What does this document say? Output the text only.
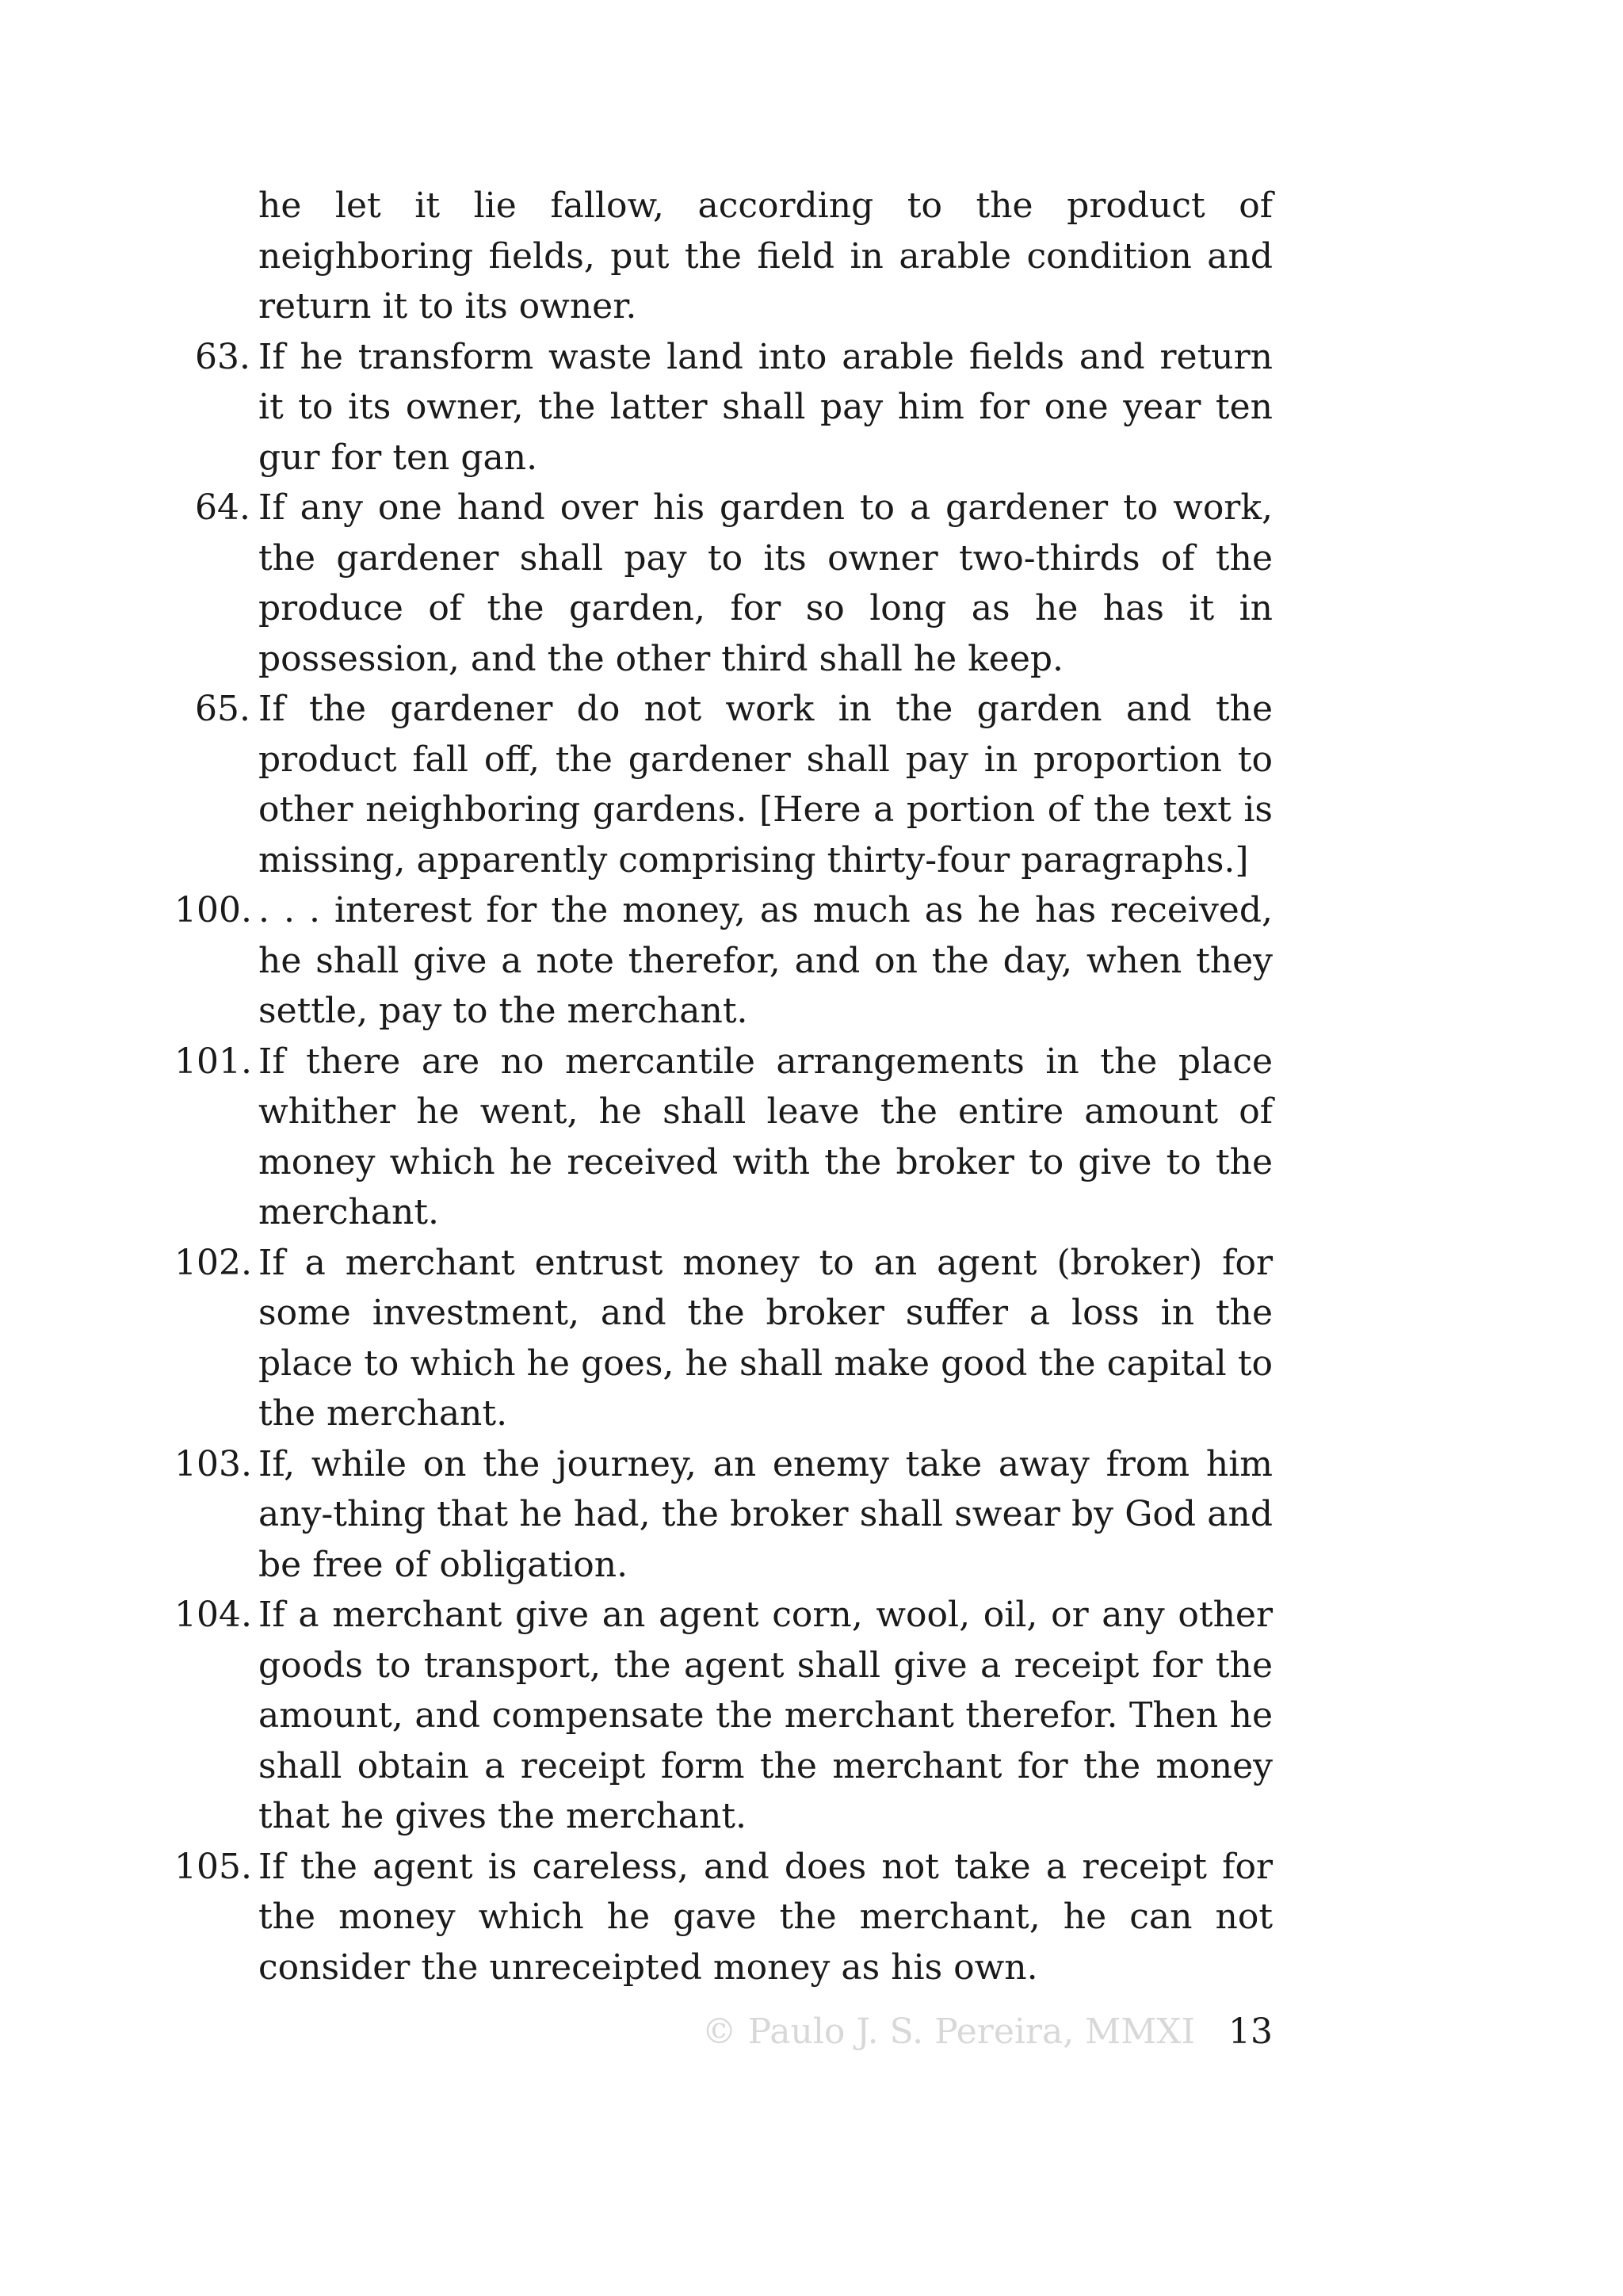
he let it lie fallow, according to the product of neighboring fields, put the field in arable condition and return it to its owner.

63. If he transform waste land into arable fields and return it to its owner, the latter shall pay him for one year ten gur for ten gan.
64. If any one hand over his garden to a gardener to work, the gardener shall pay to its owner two-thirds of the produce of the garden, for so long as he has it in possession, and the other third shall he keep.
65. If the gardener do not work in the garden and the product fall off, the gardener shall pay in proportion to other neighboring gardens. [Here a portion of the text is missing, apparently comprising thirty-four paragraphs.]
100. . . . interest for the money, as much as he has received, he shall give a note therefor, and on the day, when they settle, pay to the merchant.
101. If there are no mercantile arrangements in the place whither he went, he shall leave the entire amount of money which he received with the broker to give to the merchant.
102. If a merchant entrust money to an agent (broker) for some investment, and the broker suffer a loss in the place to which he goes, he shall make good the capital to the merchant.
103. If, while on the journey, an enemy take away from him any-thing that he had, the broker shall swear by God and be free of obligation.
104. If a merchant give an agent corn, wool, oil, or any other goods to transport, the agent shall give a receipt for the amount, and compensate the merchant therefor. Then he shall obtain a receipt form the merchant for the money that he gives the merchant.
105. If the agent is careless, and does not take a receipt for the money which he gave the merchant, he can not consider the unreceipted money as his own.
© Paulo J. S. Pereira, MMXI 13
